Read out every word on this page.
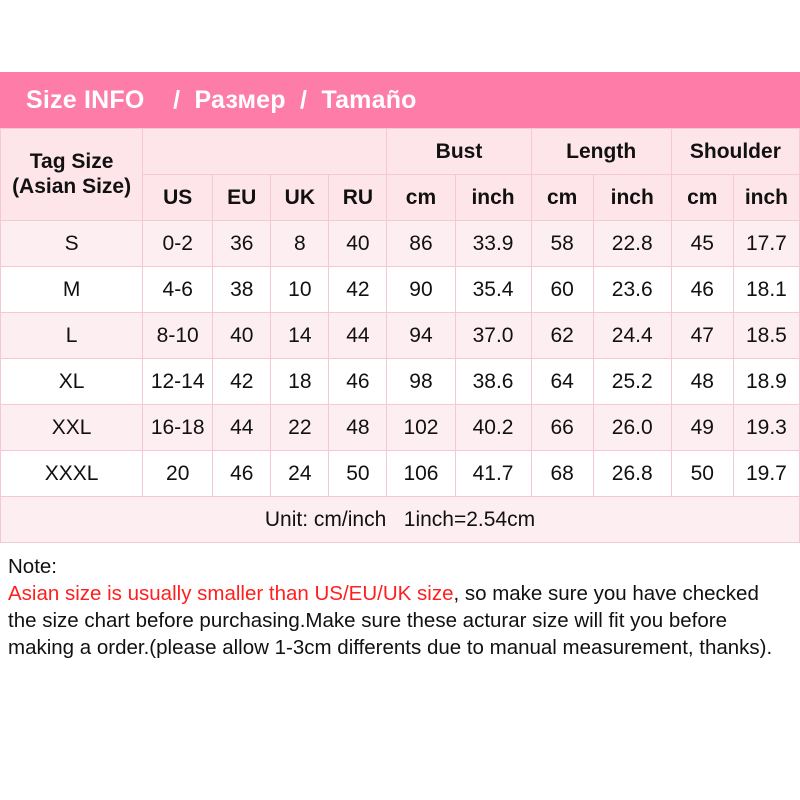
Size INFO    /  Размер  /  Tamaño
Tag Size (Asian Size)					Bust		Length		Shoulder	
	US	EU	UK	RU	cm	inch	cm	inch	cm	inch
S	0-2	36	8	40	86	33.9	58	22.8	45	17.7
M	4-6	38	10	42	90	35.4	60	23.6	46	18.1
L	8-10	40	14	44	94	37.0	62	24.4	47	18.5
XL	12-14	42	18	46	98	38.6	64	25.2	48	18.9
XXL	16-18	44	22	48	102	40.2	66	26.0	49	19.3
XXXL	20	46	24	50	106	41.7	68	26.8	50	19.7
Unit: cm/inch   1inch=2.54cm										
Note:

Asian size is usually smaller than US/EU/UK size, so make sure you have checked the size chart before purchasing.Make sure these acturar size will fit you before making a order.(please allow 1-3cm differents due to manual measurement, thanks).
